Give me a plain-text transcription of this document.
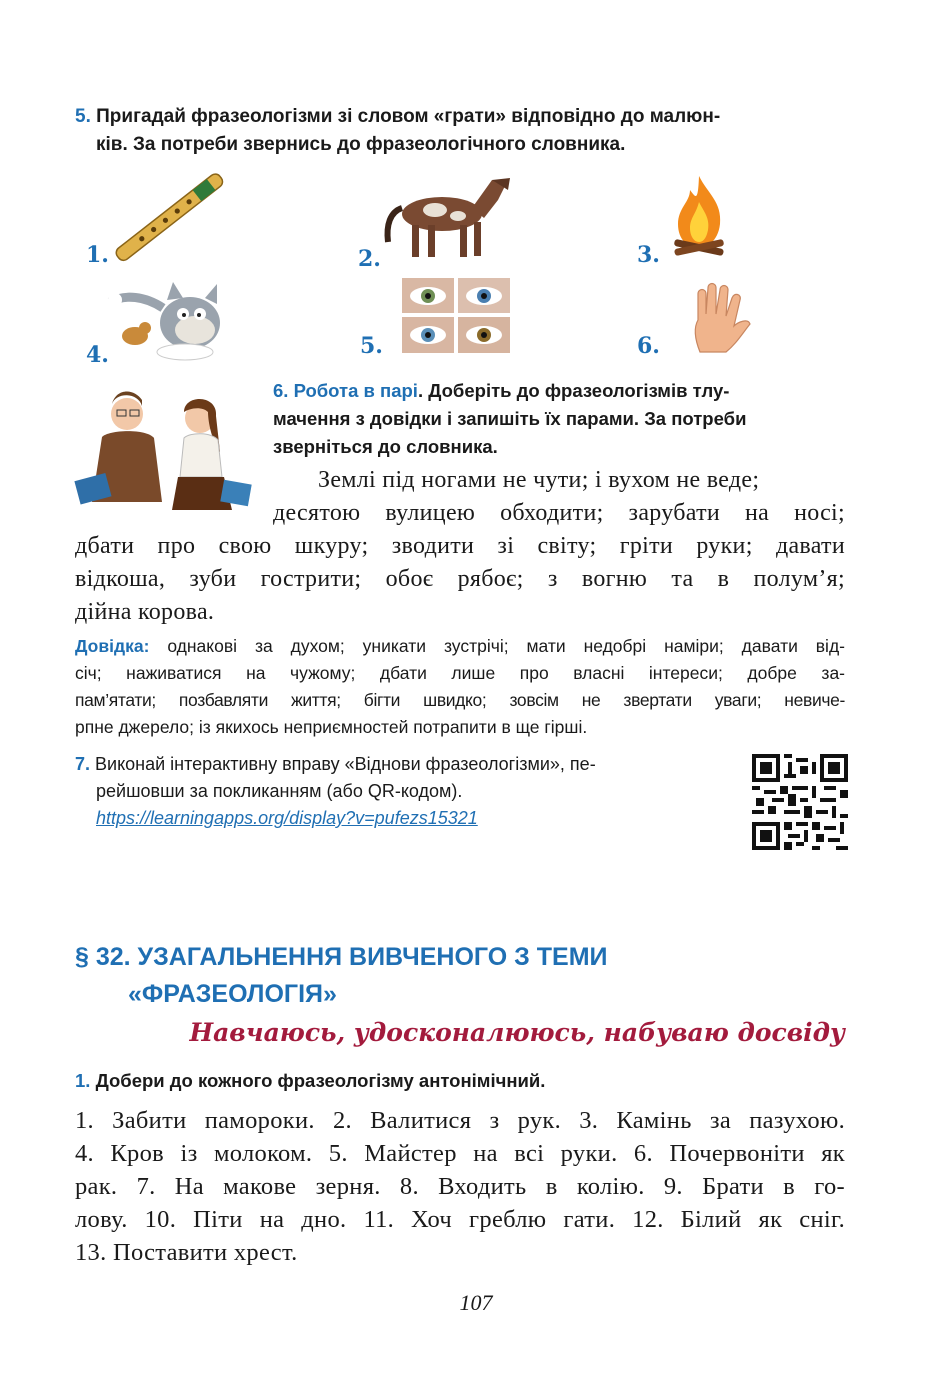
5. Пригадай фразеологізми зі словом «грати» відповідно до малюн-
ків. За потреби звернись до фразеологічного словника.
1.	2.	3.
4.	5.	6.
6. Робота в парі. Доберіть до фразеологізмів тлу-
мачення з довідки і запишіть їх парами. За потреби
зверніться до словника.
Землі під ногами не чути; і вухом не веде;
десятою вулицею обходити; зарубати на носі;
дбати про свою шкуру; зводити зі світу; гріти руки; давати
відкоша, зуби гострити; обоє рябоє; з вогню та в полум’я;
дійна корова.
Довідка: однакові за духом; уникати зустрічі; мати недобрі наміри; давати від-
січ; наживатися на чужому; дбати лише про власні інтереси; добре за-
пам’ятати; позбавляти життя; бігти швидко; зовсім не звертати уваги; невиче-
рпне джерело; із якихось неприємностей потрапити в ще гірші.
7. Виконай інтерактивну вправу «Віднови фразеологізми», пе-
рейшовши за покликанням (або QR-кодом).
https://learningapps.org/display?v=pufezs15321
§ 32. УЗАГАЛЬНЕННЯ ВИВЧЕНОГО З ТЕМИ
«ФРАЗЕОЛОГІЯ»
Навчаюсь, удосконалююсь, набуваю досвіду
1. Добери до кожного фразеологізму антонімічний.
1. Забити памороки. 2. Валитися з рук. 3. Камінь за пазухою.
4. Кров із молоком. 5. Майстер на всі руки. 6. Почервоніти як
рак. 7. На макове зерня. 8. Входить в колію. 9. Брати в го-
лову. 10. Піти на дно. 11. Хоч греблю гати. 12. Білий як сніг.
13. Поставити хрест.
107
